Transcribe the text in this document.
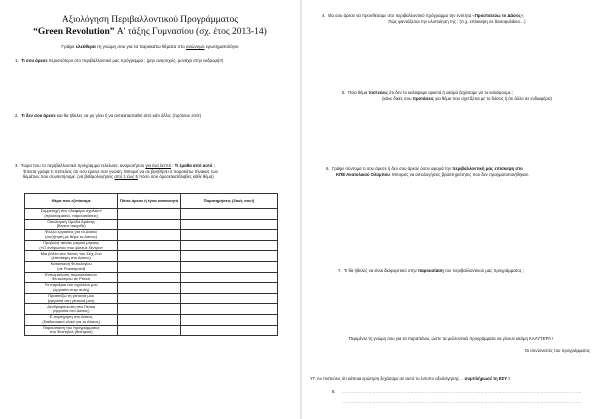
Αξιολόγηση Περιβαλλοντικού Προγράμματος
“Green Revolution” Α' τάξης Γυμνασίου (σχ. έτος 2013-14)
Γράψε ελεύθερα τη γνώμη σου για τα παρακάτω θέματα στο ανώνυμο ερωτηματολόγιο
1. Τι σου άρεσε περισσότερο στο περιβαλλοντικό μας πρόγραμμα ; (μην ανησυχείς, μονάχα στην εκδρομή!!)
2. Τι δεν σου άρεσε και θα ήθελες να μη γίνει ή να αντικατασταθεί από κάτι άλλο; (πρότεινε εσύ!)
3. Τώρα που το περιβαλλοντικό πρόγραμμα τελείωσε, αναρωτήσου για ένα λεπτό : Τι έμαθα από αυτό ;
Έπειτα γράψε τι πιστεύεις ότι σου έμεινε σαν γνώση. Μπορεί να σε βοηθήσει ο παρακάτω πίνακας των
θεμάτων που συναντήσαμε. (να βαθμολογήσεις από 1 έως 5 πόσο σου άρεσε/κατάλαβες κάθε θέμα)
Θέμα που εξετάσαμε	Πόσο άρεσε ή έγινε κατανοητό	Παρατηρήσεις (δικές σου!)

Συμμετοχή στο «Αειφόρο σχολείο»
(προετοιμασία- παρουσιάσεις)		

Οικολογική Ομάδα Δράσης
(Βιντεο παιχνίδι)		

Φύλλο εργασίας για το Δάσος
(συζήτηση με θέμα το Δάσος)		

Προβολή ταινίας μικρού μήκους
(«Ο άνθρωπος που φύτευε δέντρα»		

Μια βόλτα στο δάσος του Σειχ-Σου
(επίσκεψη στο Δάσος)		

Κατασκευή Φυτολογίου
(σε Powerpoint)		

Ενσωμάτωση παρουσιάσεων
Φυτολόγιου σε Prezzi		

Τα παρτέρια του σχολείου μου
(εργασία στην αυλή)		

Πρασινίζω τη γειτονιά μου
(εργασία στη γειτονιά μου)		

Δενδροφύτευση στα Πεύκα
(εργασία στο Δάσος)		

Ε-περιήγηση στο Δάσος
(διαδικτυακό υλικό για το Δάσος)		

Παρουσίαση του προγράμματος
στο Φεστιβάλ (θεατρικό)		

4. Θα σου άρεσε να προσθέσαμε στο περιβαλλοντικό πρόγραμμα την ενότητα «Προστατεύω το Δάσος»;
Πώς φαντάζεσαι την υλοποίηση της ; (π.χ. επίσκεψη σε δασοφυλάκιο…)
5. Ποιο θέμα πιστεύεις ότι δεν το καλύψαμε αρκετά ή ακόμα ξεχάσαμε να το καλύψουμε ;
(κάνε δικές σου προτάσεις για θέμα που σχετίζεται με το δάσος ή ότι άλλο σε ενδιαφέρει)
6. Γράψε σύντομα τι σου άρεσε ή δεν σου άρεσε όσον αφορά την περιβαλλοντική μας επίσκεψη στο
ΚΠΕ Ανατολικού Ολύμπου. Μπορείς να αιτιολογήσεις βραστηριότητες που δεν πραγματοποιήθηκαν.
7. Τι θα ήθελες να είναι διαφορετικό στην παρουσίαση του περιβαλλοντικού μας προγράμματος ;
Περιμένω τη γνώμη σου για τα παραπάνω, ώστε τα μελλοντικά προγράμματα να γίνουν ακόμη ΚΑΛΥΤΕΡΑ !
Οι συντονιστές του προγράμματος
ΥΓ. Αν πιστεύεις ότι κάποια ερώτηση ξεχάσαμε σε αυτό το έντυπο αξιολόγησης… συμπλήρωσέ τη ΕΣΥ !
8. ………………………………………………………………………………………………………………………………………………………
………………………………………………………………………………………………………………………………………………………
